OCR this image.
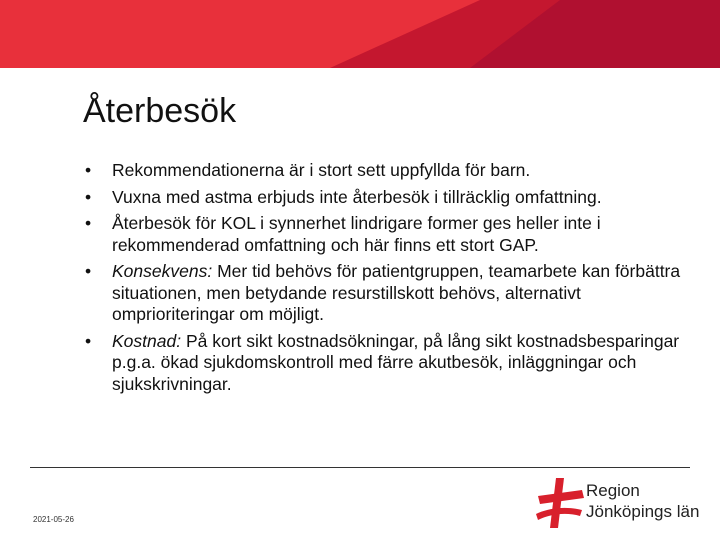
Återbesök
• Rekommendationerna är i stort sett uppfyllda för barn.
• Vuxna med astma erbjuds inte återbesök i tillräcklig omfattning.
• Återbesök för KOL i synnerhet lindrigare former ges heller inte i rekommenderad omfattning och här finns ett stort GAP.
• Konsekvens: Mer tid behövs för patientgruppen, teamarbete kan förbättra situationen, men betydande resurstillskott behövs, alternativt omprioriteringar om möjligt.
• Kostnad: På kort sikt kostnadsökningar, på lång sikt kostnadsbesparingar p.g.a. ökad sjukdomskontroll med färre akutbesök, inläggningar och sjukskrivningar.
2021-05-26
Region
Jönköpings län
